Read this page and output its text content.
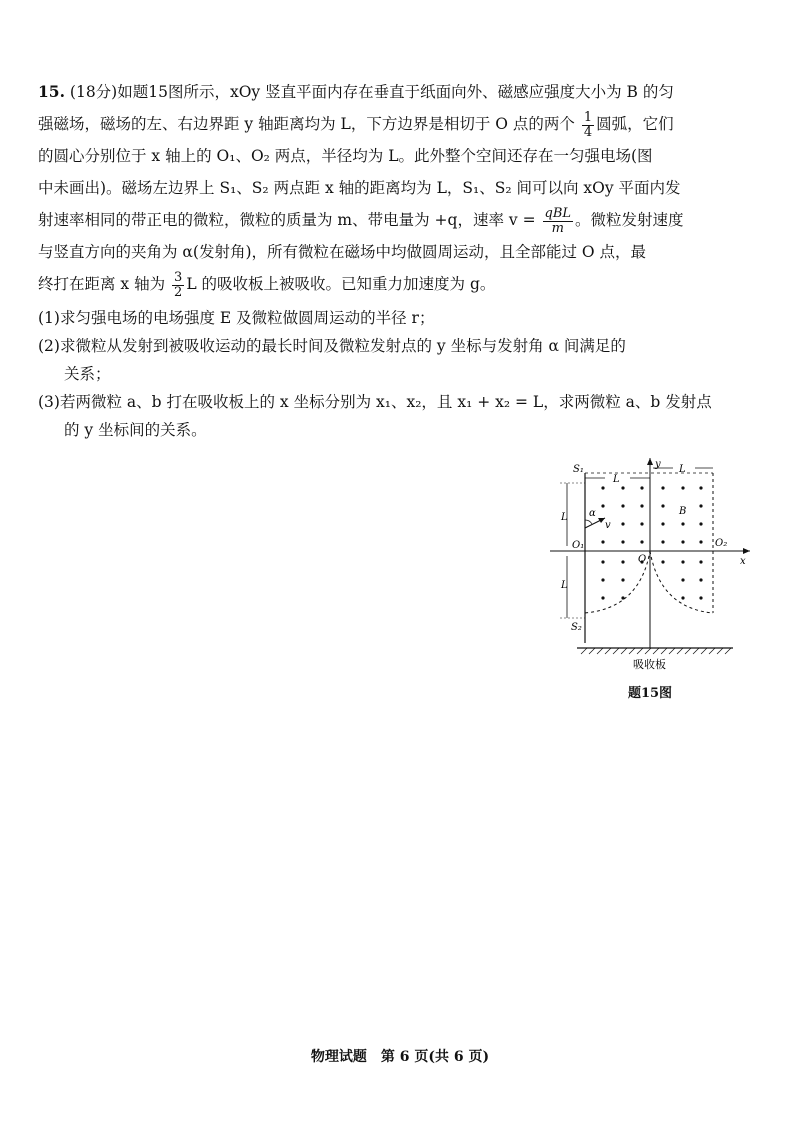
15. (18分)如题15图所示，xOy 竖直平面内存在垂直于纸面向外、磁感应强度大小为 B 的匀

强磁场，磁场的左、右边界距 y 轴距离均为 L，下方边界是相切于 O 点的两个 $\frac{1}{4}$ 圆弧，它们

的圆心分别位于 x 轴上的 O₁、O₂ 两点，半径均为 L。此外整个空间还存在一匀强电场(图

中未画出)。磁场左边界上 S₁、S₂ 两点距 x 轴的距离均为 L，S₁、S₂ 间可以向 xOy 平面内发

射速率相同的带正电的微粒，微粒的质量为 m、带电量为 +q，速率 $v = \frac{\text{qBL}}{m}$ 。微粒发射速度

与竖直方向的夹角为 α(发射角)，所有微粒在磁场中均做圆周运动，且全部能过 O 点，最

终打在距离 x 轴为 $\frac{3}{2}$ L 的吸收板上被吸收。已知重力加速度为 g。

(1)求匀强电场的电场强度 E 及微粒做圆周运动的半径 r；

(2)求微粒从发射到被吸收运动的最长时间及微粒发射点的 y 坐标与发射角 α 间满足的
关系；

(3)若两微粒 a、b 打在吸收板上的 x 坐标分别为 x₁、x₂，且 x₁ + x₂ = L，求两微粒 a、b 发射点
的 y 坐标间的关系。

L
L
y
x
L
L
S₁
S₂
O₁	O₂
O
B
α
v
吸收板
题15图
物理试题　第 6 页(共 6 页)
